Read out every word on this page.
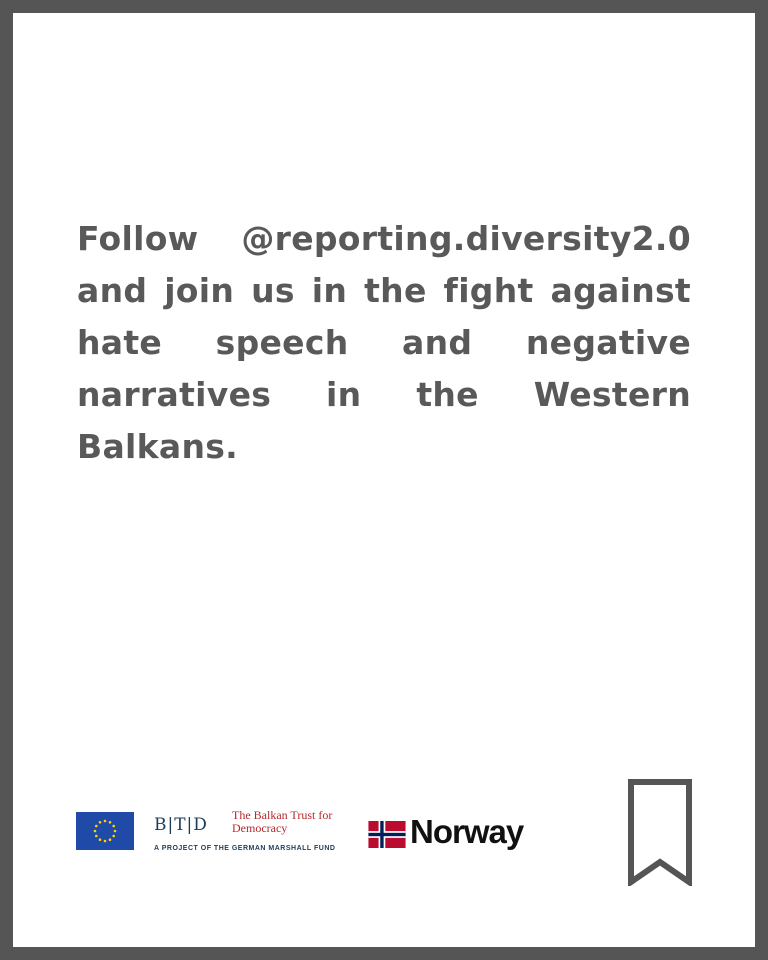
Follow @reporting.diversity2.0 and join us in the fight against hate speech and negative narratives in the Western Balkans.

B|T|D The Balkan Trust for Democracy
A PROJECT OF THE GERMAN MARSHALL FUND Norway
